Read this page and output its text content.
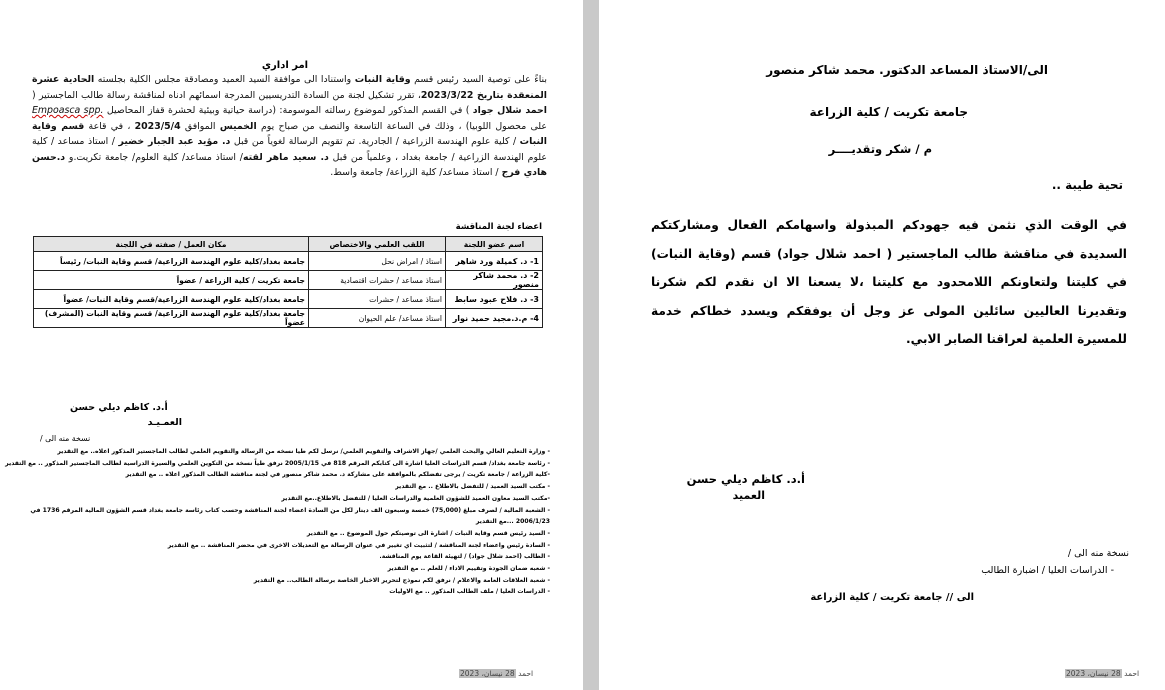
امر اداري
بناءً على توصية السيد رئيس قسم وقاية النبات واستنادا الى موافقة السيد العميد ومصادقة مجلس الكلية بجلسته الحادية عشرة المنعقدة بتاريخ 2023/3/22، تقرر تشكيل لجنة من السادة التدريسيين المدرجة اسمائهم ادناه لمناقشة رسالة طالب الماجستير ( احمد شلال جواد ) في القسم المذكور لموضوع رسالته الموسومة: (دراسة حياتية وبيئية لحشرة قفاز المحاصيل Empoasca spp. على محصول اللوبيا) ، وذلك في الساعة التاسعة والنصف من صباح يوم الخميس الموافق 2023/5/4 ، في قاعة قسم وقاية النبات / كلية علوم الهندسة الزراعية / الجادرية. تم تقويم الرسالة لغوياً من قبل د. مؤيد عبد الجبار خضير / استاذ مساعد / كلية علوم الهندسة الزراعية / جامعة بغداد ، وعلمياً من قبل د. سعيد ماهر لقته/ استاذ مساعد/ كلية العلوم/ جامعة تكريت.و د.حسن هادي فرج / استاذ مساعد/ كلية الزراعة/ جامعة واسط.
اعضاء لجنة المناقشة
اسم عضو اللجنة	اللقب العلمي والاختصاص	مكان العمل / صفته في اللجنة
1- د. كميلة ورد شاهر	استاذ / امراض نحل	جامعة بغداد/كلية علوم الهندسة الزراعية/ قسم وقاية النبات/ رئيساً
2- د. محمد شاكر منصور	استاذ مساعد / حشرات اقتصادية	جامعة تكريت / كلية الزراعة / عضواً
3- د. فلاح عبود سابط	استاذ مساعد / حشرات	جامعة بغداد/كلية علوم الهندسة الزراعية/قسم وقاية النبات/ عضواً
4- م.د.مجيد حميد نوار	استاذ مساعد/ علم الحيوان	جامعة بغداد/كلية علوم الهندسة الزراعية/ قسم وقاية النبات (المشرف) عضواً
أ.د. كاظم ديلي حسن
العمـيـد
نسخة منه الى /
- وزارة التعليم العالي والبحث العلمي /جهاز الاشراف والتقويم العلمي/ نرسل لكم طيا نسخه من الرسالة والتقويم العلمي لطالب الماجستير المذكور اعلاه.. مع التقدير
- رئاسة جامعة بغداد/ قسم الدراسات العليا اشارة الى كتابكم المرقم 818 في 2005/1/15 نرفق طياً نسخة من التكوين العلمي والسيرة الدراسية لطالب الماجستير المذكور .. مع التقدير
-كلية الزراعة / جامعة تكريت / يرجى تفضلكم بالموافقة على مشاركة د. محمد شاكر منصور في لجنة مناقشة الطالب المذكور اعلاه .. مع التقدير
- مكتب السيد العميد / للتفضل بالاطلاع .. مع التقدير
-مكتب السيد معاون العميد للشؤون العلمية والدراسات العليا / للتفضل بالاطلاع..مع التقدير
- الشعبة المالية / لصرف مبلغ (75,000) خمسة وسبعون الف دينار لكل من السادة اعضاء لجنة المناقشة وحسب كتاب رئاسة جامعة بغداد قسم الشؤون المالية المرقم 1736 في
2006/1/23 ...مع التقدير
- السيد رئيس قسم وقاية النبات / اشارة الى توصيتكم حول الموضوع .. مع التقدير
- السادة رئيس واعضاء لجنة المناقشة / لتثبيت اي تغيير في عنوان الرسالة مع التعديلات الاخرى في محضر المناقشة .. مع التقدير
- الطالب (احمد شلال جواد) / لتهيئة القاعة يوم المناقشة.
- شعبه ضمان الجودة وتقييم الاداء / للعلم .. مع التقدير
- شعبة العلاقات العامة والاعلام / نرفق لكم نموذج لتحرير الاخبار الخاصة برسالة الطالب.. مع التقدير
- الدراسات العليا / ملف الطالب المذكور .. مع الاوليات
احمد 28 نيسان، 2023
الى/الاستاذ المساعد الدكتور. محمد شاكر منصور
جامعة تكريت / كلية الزراعة
م / شكر وتقديــــر
تحية طيبة ..
في الوقت الذي نثمن فيه جهودكم المبذولة واسهامكم الفعال ومشاركتكم السديدة في مناقشة طالب الماجستير ( احمد شلال جواد) قسم (وقاية النبات) في كليتنا ولتعاونكم اللامحدود مع كليتنا ،لا يسعنا الا ان نقدم لكم شكرنا وتقديرنا العاليين سائلين المولى عز وجل أن يوفقكم ويسدد خطاكم خدمة للمسيرة العلمية لعراقنا الصابر الابي.
أ.د. كاظم ديلي حسن
العميد
نسخة منه الى /
- الدراسات العليا / اضبارة الطالب
الى // جامعة تكريت / كلية الزراعة
احمد 28 نيسان، 2023
